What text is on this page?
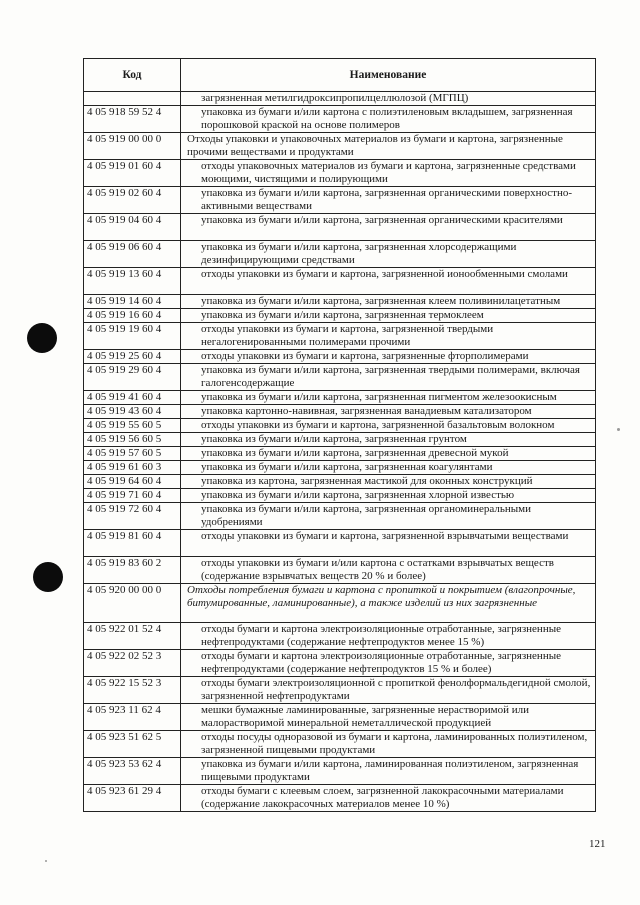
Код	Наименование
	загрязненная метилгидроксипропилцеллюлозой (МГПЦ)
4 05 918 59 52 4	упаковка из бумаги и/или картона с полиэтиленовым вкладышем, загрязненная порошковой краской на основе полимеров
4 05 919 00 00 0	Отходы упаковки и упаковочных материалов из бумаги и картона, загрязненные прочими веществами и продуктами
4 05 919 01 60 4	отходы упаковочных материалов из бумаги и картона, загрязненные средствами моющими, чистящими и полирующими
4 05 919 02 60 4	упаковка из бумаги и/или картона, загрязненная органическими поверхностно-активными веществами
4 05 919 04 60 4	упаковка из бумаги и/или картона, загрязненная органическими красителями
4 05 919 06 60 4	упаковка из бумаги и/или картона, загрязненная хлорсодержащими дезинфицирующими средствами
4 05 919 13 60 4	отходы упаковки из бумаги и картона, загрязненной ионообменными смолами
4 05 919 14 60 4	упаковка из бумаги и/или картона, загрязненная клеем поливинилацетатным
4 05 919 16 60 4	упаковка из бумаги и/или картона, загрязненная термоклеем
4 05 919 19 60 4	отходы упаковки из бумаги и картона, загрязненной твердыми негалогенированными полимерами прочими
4 05 919 25 60 4	отходы упаковки из бумаги и картона, загрязненные фторполимерами
4 05 919 29 60 4	упаковка из бумаги и/или картона, загрязненная твердыми полимерами, включая галогенсодержащие
4 05 919 41 60 4	упаковка из бумаги и/или картона, загрязненная пигментом железоокисным
4 05 919 43 60 4	упаковка картонно-навивная, загрязненная ванадиевым катализатором
4 05 919 55 60 5	отходы упаковки из бумаги и картона, загрязненной базальтовым волокном
4 05 919 56 60 5	упаковка из бумаги и/или картона, загрязненная грунтом
4 05 919 57 60 5	упаковка из бумаги и/или картона, загрязненная древесной мукой
4 05 919 61 60 3	упаковка из бумаги и/или картона, загрязненная коагулянтами
4 05 919 64 60 4	упаковка из картона, загрязненная мастикой для оконных конструкций
4 05 919 71 60 4	упаковка из бумаги и/или картона, загрязненная хлорной известью
4 05 919 72 60 4	упаковка из бумаги и/или картона, загрязненная органоминеральными удобрениями
4 05 919 81 60 4	отходы упаковки из бумаги и картона, загрязненной взрывчатыми веществами
4 05 919 83 60 2	отходы упаковки из бумаги и/или картона с остатками взрывчатых веществ (содержание взрывчатых веществ 20 % и более)
4 05 920 00 00 0	Отходы потребления бумаги и картона с пропиткой и покрытием (влагопрочные, битумированные, ламинированные), а также изделий из них загрязненные
4 05 922 01 52 4	отходы бумаги и картона электроизоляционные отработанные, загрязненные нефтепродуктами (содержание нефтепродуктов менее 15 %)
4 05 922 02 52 3	отходы бумаги и картона электроизоляционные отработанные, загрязненные нефтепродуктами (содержание нефтепродуктов 15 % и более)
4 05 922 15 52 3	отходы бумаги электроизоляционной с пропиткой фенолформальдегидной смолой, загрязненной нефтепродуктами
4 05 923 11 62 4	мешки бумажные ламинированные, загрязненные нерастворимой или малорастворимой минеральной неметаллической продукцией
4 05 923 51 62 5	отходы посуды одноразовой из бумаги и картона, ламинированных полиэтиленом, загрязненной пищевыми продуктами
4 05 923 53 62 4	упаковка из бумаги и/или картона, ламинированная полиэтиленом, загрязненная пищевыми продуктами
4 05 923 61 29 4	отходы бумаги с клеевым слоем, загрязненной лакокрасочными материалами (содержание лакокрасочных материалов менее 10 %)
121
